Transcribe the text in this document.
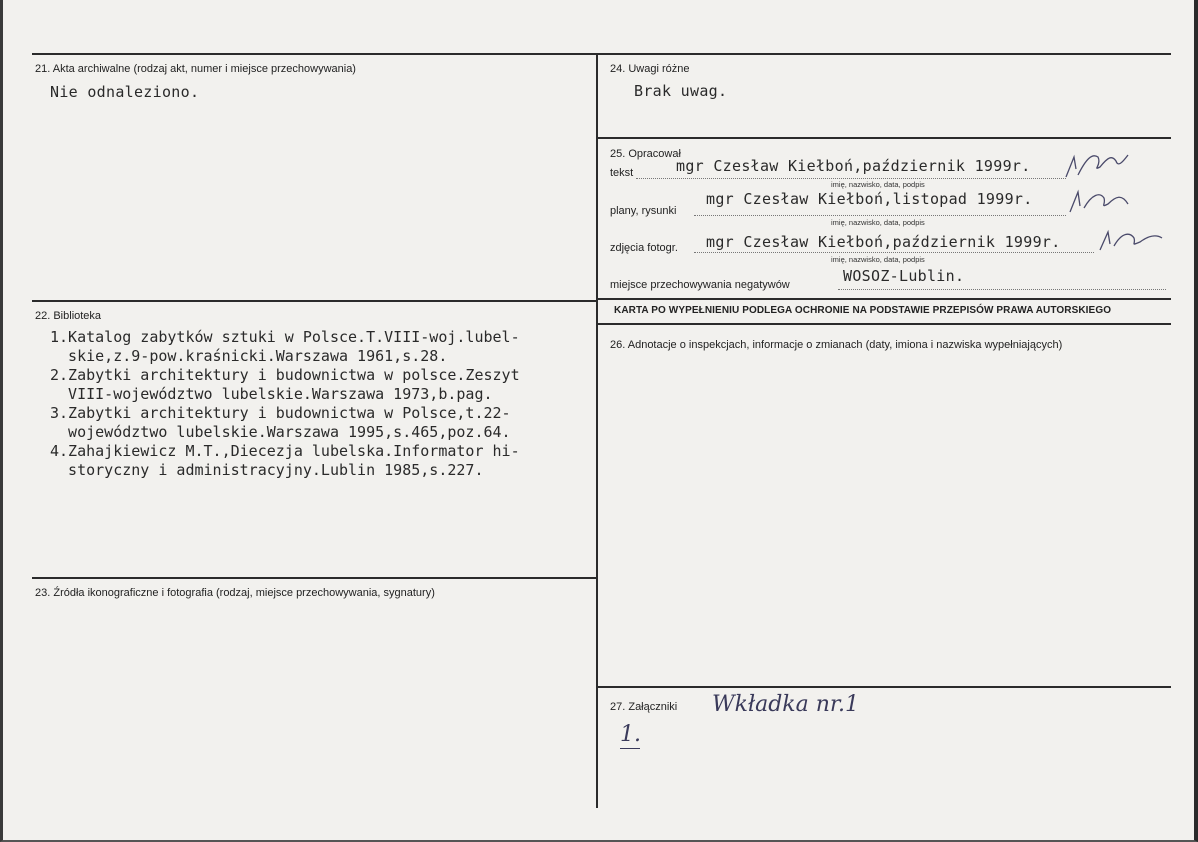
21. Akta archiwalne (rodzaj akt, numer i miejsce przechowywania)
Nie odnaleziono.
22. Biblioteka
1.Katalog zabytków sztuki w Polsce.T.VIII-woj.lubel-
skie,z.9-pow.kraśnicki.Warszawa 1961,s.28.
2.Zabytki architektury i budownictwa w polsce.Zeszyt
VIII-województwo lubelskie.Warszawa 1973,b.pag.
3.Zabytki architektury i budownictwa w Polsce,t.22-
województwo lubelskie.Warszawa 1995,s.465,poz.64.
4.Zahajkiewicz M.T.,Diecezja lubelska.Informator hi-
storyczny i administracyjny.Lublin 1985,s.227.
23. Źródła ikonograficzne i fotografia (rodzaj, miejsce przechowywania, sygnatury)
24. Uwagi różne
Brak uwag.
25. Opracował
tekst	mgr Czesław Kiełboń,październik 1999r.
imię, nazwisko, data, podpis
plany, rysunki
mgr Czesław Kiełboń,listopad 1999r.
imię, nazwisko, data, podpis
zdjęcia fotogr. mgr Czesław Kiełboń,październik 1999r.
imię, nazwisko, data, podpis
miejsce przechowywania negatywów	WOSOZ-Lublin.
KARTA PO WYPEŁNIENIU PODLEGA OCHRONIE NA PODSTAWIE PRZEPISÓW PRAWA AUTORSKIEGO
26. Adnotacje o inspekcjach, informacje o zmianach (daty, imiona i nazwiska wypełniających)
27. Załączniki Wkładka nr.1
1.
